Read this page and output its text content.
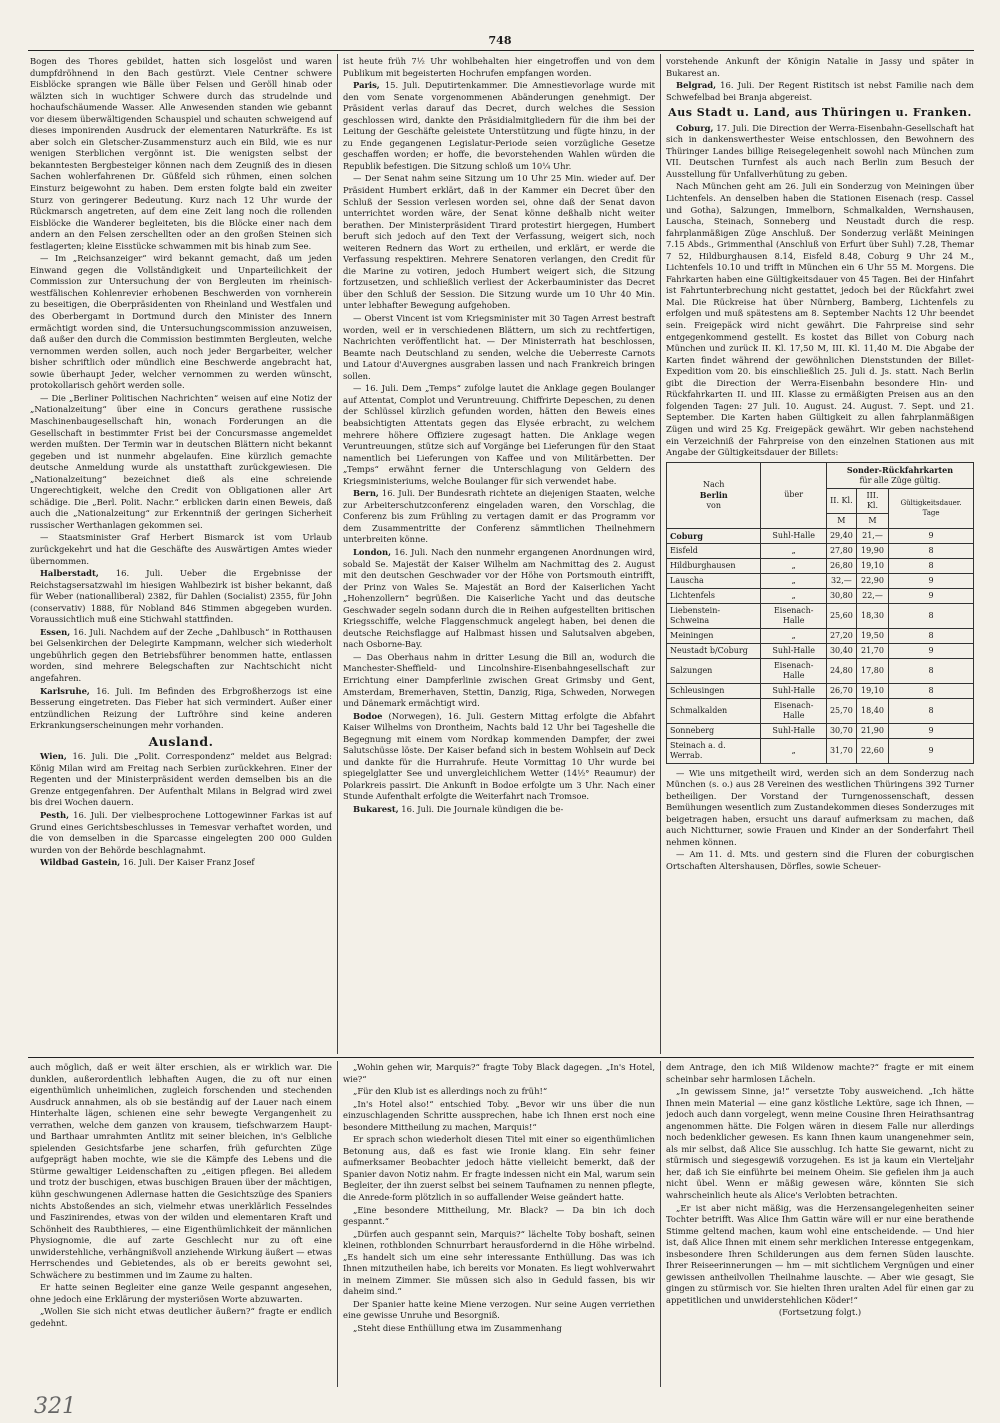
748

Bogen des Thores gebildet, hatten sich losgelöst und waren dumpfdröhnend in den Bach gestürzt. Viele Centner schwere Eisblöcke sprangen wie Bälle über Felsen und Geröll hinab oder wälzten sich in wuchtiger Schwere durch das strudelnde und hochaufschäumende Wasser. Alle Anwesenden standen wie gebannt vor diesem überwältigenden Schauspiel und schauten schweigend auf dieses imponirenden Ausdruck der elementaren Naturkräfte. Es ist aber solch ein Gletscher-Zusammensturz auch ein Bild, wie es nur wenigen Sterblichen vergönnt ist. Die wenigsten selbst der bekanntesten Bergbesteiger können nach dem Zeugniß des in diesen Sachen wohlerfahrenen Dr. Güßfeld sich rühmen, einen solchen Einsturz beigewohnt zu haben. Dem ersten folgte bald ein zweiter Sturz von geringerer Bedeutung. Kurz nach 12 Uhr wurde der Rückmarsch angetreten, auf dem eine Zeit lang noch die rollenden Eisblöcke die Wanderer begleiteten, bis die Blöcke einer nach dem andern an den Felsen zerschellten oder an den großen Steinen sich festlagerten; kleine Eisstücke schwammen mit bis hinab zum See.

— Im „Reichsanzeiger“ wird bekannt gemacht, daß um jeden Einwand gegen die Vollständigkeit und Unparteilichkeit der Commission zur Untersuchung der von Bergleuten im rheinisch-westfälischen Kohlenrevier erhobenen Beschwerden von vornherein zu beseitigen, die Oberpräsidenten von Rheinland und Westfalen und des Oberbergamt in Dortmund durch den Minister des Innern ermächtigt worden sind, die Untersuchungscommission anzuweisen, daß außer den durch die Commission bestimmten Bergleuten, welche vernommen werden sollen, auch noch jeder Bergarbeiter, welcher bisher schriftlich oder mündlich eine Beschwerde angebracht hat, sowie überhaupt Jeder, welcher vernommen zu werden wünscht, protokollarisch gehört werden solle.

— Die „Berliner Politischen Nachrichten“ weisen auf eine Notiz der „Nationalzeitung“ über eine in Concurs gerathene russische Maschinenbaugesellschaft hin, wonach Forderungen an die Gesellschaft in bestimmter Frist bei der Concursmasse angemeldet werden mußten. Der Termin war in deutschen Blättern nicht bekannt gegeben und ist nunmehr abgelaufen. Eine kürzlich gemachte deutsche Anmeldung wurde als unstatthaft zurückgewiesen. Die „Nationalzeitung“ bezeichnet dieß als eine schreiende Ungerechtigkeit, welche den Credit von Obligationen aller Art schädige. Die „Berl. Polit. Nachr.“ erblicken darin einen Beweis, daß auch die „Nationalzeitung“ zur Erkenntniß der geringen Sicherheit russischer Werthanlagen gekommen sei.

— Staatsminister Graf Herbert Bismarck ist vom Urlaub zurückgekehrt und hat die Geschäfte des Auswärtigen Amtes wieder übernommen.

Halberstadt, 16. Juli. Ueber die Ergebnisse der Reichstagsersatzwahl im hiesigen Wahlbezirk ist bisher bekannt, daß für Weber (nationalliberal) 2382, für Dahlen (Socialist) 2355, für John (conservativ) 1888, für Nobland 846 Stimmen abgegeben wurden. Voraussichtlich muß eine Stichwahl stattfinden.

Essen, 16. Juli. Nachdem auf der Zeche „Dahlbusch“ in Rotthausen bei Gelsenkirchen der Delegirte Kampmann, welcher sich wiederholt ungebührlich gegen den Betriebsführer benommen hatte, entlassen worden, sind mehrere Belegschaften zur Nachtschicht nicht angefahren.

Karlsruhe, 16. Juli. Im Befinden des Erbgroßherzogs ist eine Besserung eingetreten. Das Fieber hat sich vermindert. Außer einer entzündlichen Reizung der Luftröhre sind keine anderen Erkrankungserscheinungen mehr vorhanden.

Ausland.

Wien, 16. Juli. Die „Polit. Correspondenz“ meldet aus Belgrad: König Milan wird am Freitag nach Serbien zurückkehren. Einer der Regenten und der Ministerpräsident werden demselben bis an die Grenze entgegenfahren. Der Aufenthalt Milans in Belgrad wird zwei bis drei Wochen dauern.

Pesth, 16. Juli. Der vielbesprochene Lottogewinner Farkas ist auf Grund eines Gerichtsbeschlusses in Temesvar verhaftet worden, und die von demselben in die Sparcasse eingelegten 200 000 Gulden wurden von der Behörde beschlagnahmt.

Wildbad Gastein, 16. Juli. Der Kaiser Franz Josef

ist heute früh 7½ Uhr wohlbehalten hier eingetroffen und von dem Publikum mit begeisterten Hochrufen empfangen worden.

Paris, 15. Juli. Deputirtenkammer. Die Amnestievorlage wurde mit den vom Senate vorgenommenen Abänderungen genehmigt. Der Präsident verlas darauf das Decret, durch welches die Session geschlossen wird, dankte den Präsidialmitgliedern für die ihm bei der Leitung der Geschäfte geleistete Unterstützung und fügte hinzu, in der zu Ende gegangenen Legislatur-Periode seien vorzügliche Gesetze geschaffen worden; er hoffe, die bevorstehenden Wahlen würden die Republik befestigen. Die Sitzung schloß um 10¼ Uhr.

— Der Senat nahm seine Sitzung um 10 Uhr 25 Min. wieder auf. Der Präsident Humbert erklärt, daß in der Kammer ein Decret über den Schluß der Session verlesen worden sei, ohne daß der Senat davon unterrichtet worden wäre, der Senat könne deßhalb nicht weiter berathen. Der Ministerpräsident Tirard protestirt hiergegen, Humbert beruft sich jedoch auf den Text der Verfassung, weigert sich, noch weiteren Rednern das Wort zu ertheilen, und erklärt, er werde die Verfassung respektiren. Mehrere Senatoren verlangen, den Credit für die Marine zu votiren, jedoch Humbert weigert sich, die Sitzung fortzusetzen, und schließlich verliest der Ackerbauminister das Decret über den Schluß der Session. Die Sitzung wurde um 10 Uhr 40 Min. unter lebhafter Bewegung aufgehoben.

— Oberst Vincent ist vom Kriegsminister mit 30 Tagen Arrest bestraft worden, weil er in verschiedenen Blättern, um sich zu rechtfertigen, Nachrichten veröffentlicht hat. — Der Ministerrath hat beschlossen, Beamte nach Deutschland zu senden, welche die Ueberreste Carnots und Latour d'Auvergnes ausgraben lassen und nach Frankreich bringen sollen.

— 16. Juli. Dem „Temps“ zufolge lautet die Anklage gegen Boulanger auf Attentat, Complot und Veruntreuung. Chiffrirte Depeschen, zu denen der Schlüssel kürzlich gefunden worden, hätten den Beweis eines beabsichtigten Attentats gegen das Elysée erbracht, zu welchem mehrere höhere Offiziere zugesagt hatten. Die Anklage wegen Veruntreuungen, stütze sich auf Vorgänge bei Lieferungen für den Staat namentlich bei Lieferungen von Kaffee und von Militärbetten. Der „Temps“ erwähnt ferner die Unterschlagung von Geldern des Kriegsministeriums, welche Boulanger für sich verwendet habe.

Bern, 16. Juli. Der Bundesrath richtete an diejenigen Staaten, welche zur Arbeiterschutzconferenz eingeladen waren, den Vorschlag, die Conferenz bis zum Frühling zu vertagen damit er das Programm vor dem Zusammentritte der Conferenz sämmtlichen Theilnehmern unterbreiten könne.

London, 16. Juli. Nach den nunmehr ergangenen Anordnungen wird, sobald Se. Majestät der Kaiser Wilhelm am Nachmittag des 2. August mit den deutschen Geschwader vor der Höhe von Portsmouth eintrifft, der Prinz von Wales Se. Majestät an Bord der Kaiserlichen Yacht „Hohenzollern“ begrüßen. Die Kaiserliche Yacht und das deutsche Geschwader segeln sodann durch die in Reihen aufgestellten britischen Kriegsschiffe, welche Flaggenschmuck angelegt haben, bei denen die deutsche Reichsflagge auf Halbmast hissen und Salutsalven abgeben, nach Osborne-Bay.

— Das Oberhaus nahm in dritter Lesung die Bill an, wodurch die Manchester-Sheffield- und Lincolnshire-Eisenbahngesellschaft zur Errichtung einer Dampferlinie zwischen Great Grimsby und Gent, Amsterdam, Bremerhaven, Stettin, Danzig, Riga, Schweden, Norwegen und Dänemark ermächtigt wird.

Bodoe (Norwegen), 16. Juli. Gestern Mittag erfolgte die Abfahrt Kaiser Wilhelms von Drontheim, Nachts bald 12 Uhr bei Tageshelle die Begegnung mit einem vom Nordkap kommenden Dampfer, der zwei Salutschüsse löste. Der Kaiser befand sich in bestem Wohlsein auf Deck und dankte für die Hurrahrufe. Heute Vormittag 10 Uhr wurde bei spiegelglatter See und unvergleichlichem Wetter (14½° Reaumur) der Polarkreis passirt. Die Ankunft in Bodoe erfolgte um 3 Uhr. Nach einer Stunde Aufenthalt erfolgte die Weiterfahrt nach Tromsoe.

Bukarest, 16. Juli. Die Journale kündigen die be-

vorstehende Ankunft der Königin Natalie in Jassy und später in Bukarest an.

Belgrad, 16. Juli. Der Regent Ristitsch ist nebst Familie nach dem Schwefelbad bei Branja abgereist.

Aus Stadt u. Land, aus Thüringen u. Franken.

Coburg, 17. Juli. Die Direction der Werra-Eisenbahn-Gesellschaft hat sich in dankenswerthester Weise entschlossen, den Bewohnern des Thüringer Landes billige Reisegelegenheit sowohl nach München zum VII. Deutschen Turnfest als auch nach Berlin zum Besuch der Ausstellung für Unfallverhütung zu geben.

Nach München geht am 26. Juli ein Sonderzug von Meiningen über Lichtenfels. An denselben haben die Stationen Eisenach (resp. Cassel und Gotha), Salzungen, Immelborn, Schmalkalden, Wernshausen, Lauscha, Steinach, Sonneberg und Neustadt durch die resp. fahrplanmäßigen Züge Anschluß. Der Sonderzug verläßt Meiningen 7.15 Abds., Grimmenthal (Anschluß von Erfurt über Suhl) 7.28, Themar 7 52, Hildburghausen 8.14, Eisfeld 8.48, Coburg 9 Uhr 24 M., Lichtenfels 10.10 und trifft in München ein 6 Uhr 55 M. Morgens. Die Fahrkarten haben eine Gültigkeitsdauer von 45 Tagen. Bei der Hinfahrt ist Fahrtunterbrechung nicht gestattet, jedoch bei der Rückfahrt zwei Mal. Die Rückreise hat über Nürnberg, Bamberg, Lichtenfels zu erfolgen und muß spätestens am 8. September Nachts 12 Uhr beendet sein. Freigepäck wird nicht gewährt. Die Fahrpreise sind sehr entgegenkommend gestellt. Es kostet das Billet von Coburg nach München und zurück II. Kl. 17,50 M, III. Kl. 11,40 M. Die Abgabe der Karten findet während der gewöhnlichen Dienststunden der Billet-Expedition vom 20. bis einschließlich 25. Juli d. Js. statt. Nach Berlin gibt die Direction der Werra-Eisenbahn besondere Hin- und Rückfahrkarten II. und III. Klasse zu ermäßigten Preisen aus an den folgenden Tagen: 27 Juli. 10. August. 24. August. 7. Sept. und 21. September. Die Karten haben Gültigkeit zu allen fahrplanmäßigen Zügen und wird 25 Kg. Freigepäck gewährt. Wir geben nachstehend ein Verzeichniß der Fahrpreise von den einzelnen Stationen aus mit Angabe der Gültigkeitsdauer der Billets:

Nach
Berlin
von	über	Sonder-Rückfahrkarten
für alle Züge gültig.		
		II. Kl.	III. Kl.	Gültigkeitsdauer. Tage
		M	M	
Coburg	Suhl-Halle	29,40	21,—	9
Eisfeld	„	27,80	19,90	8
Hildburghausen	„	26,80	19,10	8
Lauscha	„	32,—	22,90	9
Lichtenfels	„	30,80	22,—	9
Liebenstein-Schweina	Eisenach-Halle	25,60	18,30	8
Meiningen	„	27,20	19,50	8
Neustadt b/Coburg	Suhl-Halle	30,40	21,70	9
Salzungen	Eisenach-Halle	24,80	17,80	8
Schleusingen	Suhl-Halle	26,70	19,10	8
Schmalkalden	Eisenach-Halle	25,70	18,40	8
Sonneberg	Suhl-Halle	30,70	21,90	9
Steinach a. d. Werrab.	„	31,70	22,60	9

— Wie uns mitgetheilt wird, werden sich an dem Sonderzug nach München (s. o.) aus 28 Vereinen des westlichen Thüringens 392 Turner betheiligen. Der Vorstand der Turngenossenschaft, dessen Bemühungen wesentlich zum Zustandekommen dieses Sonderzuges mit beigetragen haben, ersucht uns darauf aufmerksam zu machen, daß auch Nichtturner, sowie Frauen und Kinder an der Sonderfahrt Theil nehmen können.

— Am 11. d. Mts. und gestern sind die Fluren der coburgischen Ortschaften Altershausen, Dörfles, sowie Scheuer-

auch möglich, daß er weit älter erschien, als er wirklich war. Die dunklen, außerordentlich lebhaften Augen, die zu oft nur einen eigenthümlich unheimlichen, zugleich forschenden und stechenden Ausdruck annahmen, als ob sie beständig auf der Lauer nach einem Hinterhalte lägen, schienen eine sehr bewegte Vergangenheit zu verrathen, welche dem ganzen von krausem, tiefschwarzem Haupt- und Barthaar umrahmten Antlitz mit seiner bleichen, in's Gelbliche spielenden Gesichtsfarbe jene scharfen, früh gefurchten Züge aufgeprägt haben mochte, wie sie die Kämpfe des Lebens und die Stürme gewaltiger Leidenschaften zu „eitigen pflegen. Bei alledem und trotz der buschigen, etwas buschigen Brauen über der mächtigen, kühn geschwungenen Adlernase hatten die Gesichtszüge des Spaniers nichts Abstoßendes an sich, vielmehr etwas unerklärlich Fesselndes und Faszinirendes, etwas von der wilden und elementaren Kraft und Schönheit des Raubthieres, — eine Eigenthümlichkeit der männlichen Physiognomie, die auf zarte Geschlecht nur zu oft eine unwiderstehliche, verhängnißvoll anziehende Wirkung äußert — etwas Herrschendes und Gebietendes, als ob er bereits gewohnt sei, Schwächere zu bestimmen und im Zaume zu halten.

Er hatte seinen Begleiter eine ganze Weile gespannt angesehen, ohne jedoch eine Erklärung der mysteriösen Worte abzuwarten.

„Wollen Sie sich nicht etwas deutlicher äußern?“ fragte er endlich gedehnt.

„Wohin gehen wir, Marquis?“ fragte Toby Black dagegen. „In's Hotel, wie?“

„Für den Klub ist es allerdings noch zu früh!“

„In's Hotel also!“ entschied Toby. „Bevor wir uns über die nun einzuschlagenden Schritte aussprechen, habe ich Ihnen erst noch eine besondere Mittheilung zu machen, Marquis!“

Er sprach schon wiederholt diesen Titel mit einer so eigenthümlichen Betonung aus, daß es fast wie Ironie klang. Ein sehr feiner aufmerksamer Beobachter jedoch hätte vielleicht bemerkt, daß der Spanier davon Notiz nahm. Er fragte indessen nicht ein Mal, warum sein Begleiter, der ihn zuerst selbst bei seinem Taufnamen zu nennen pflegte, die Anrede-form plötzlich in so auffallender Weise geändert hatte.

„Eine besondere Mittheilung, Mr. Black? — Da bin ich doch gespannt.“

„Dürfen auch gespannt sein, Marquis?“ lächelte Toby boshaft, seinen kleinen, rothblonden Schnurrbart herausfordernd in die Höhe wirbelnd. „Es handelt sich um eine sehr interessante Enthüllung. Das was ich Ihnen mitzutheilen habe, ich bereits vor Monaten. Es liegt wohlverwahrt in meinem Zimmer. Sie müssen sich also in Geduld fassen, bis wir daheim sind.“

Der Spanier hatte keine Miene verzogen. Nur seine Augen verriethen eine gewisse Unruhe und Besorgniß.

„Steht diese Enthüllung etwa im Zusammenhang

dem Antrage, den ich Miß Wildenow machte?“ fragte er mit einem scheinbar sehr harmlosen Lächeln.

„In gewissem Sinne, ja!“ versetzte Toby ausweichend. „Ich hätte Ihnen mein Material — eine ganz köstliche Lektüre, sage ich Ihnen, — jedoch auch dann vorgelegt, wenn meine Cousine Ihren Heirathsantrag angenommen hätte. Die Folgen wären in diesem Falle nur allerdings noch bedenklicher gewesen. Es kann Ihnen kaum unangenehmer sein, als mir selbst, daß Alice Sie ausschlug. Ich hatte Sie gewarnt, nicht zu stürmisch und siegesgewiß vorzugehen. Es ist ja kaum ein Vierteljahr her, daß ich Sie einführte bei meinem Oheim. Sie gefielen ihm ja auch nicht übel. Wenn er mäßig gewesen wäre, könnten Sie sich wahrscheinlich heute als Alice's Verlobten betrachten.

„Er ist aber nicht mäßig, was die Herzensangelegenheiten seiner Tochter betrifft. Was Alice Ihm Gattin wäre will er nur eine berathende Stimme geltend machen, kaum wohl eine entscheidende. — Und hier ist, daß Alice Ihnen mit einem sehr merklichen Interesse entgegenkam, insbesondere Ihren Schilderungen aus dem fernen Süden lauschte. Ihrer Reiseerinnerungen — hm — mit sichtlichem Vergnügen und einer gewissen antheilvollen Theilnahme lauschte. — Aber wie gesagt, Sie gingen zu stürmisch vor. Sie hielten Ihren uralten Adel für einen gar zu appetitlichen und unwiderstehlichen Köder!“

(Fortsetzung folgt.)

321
